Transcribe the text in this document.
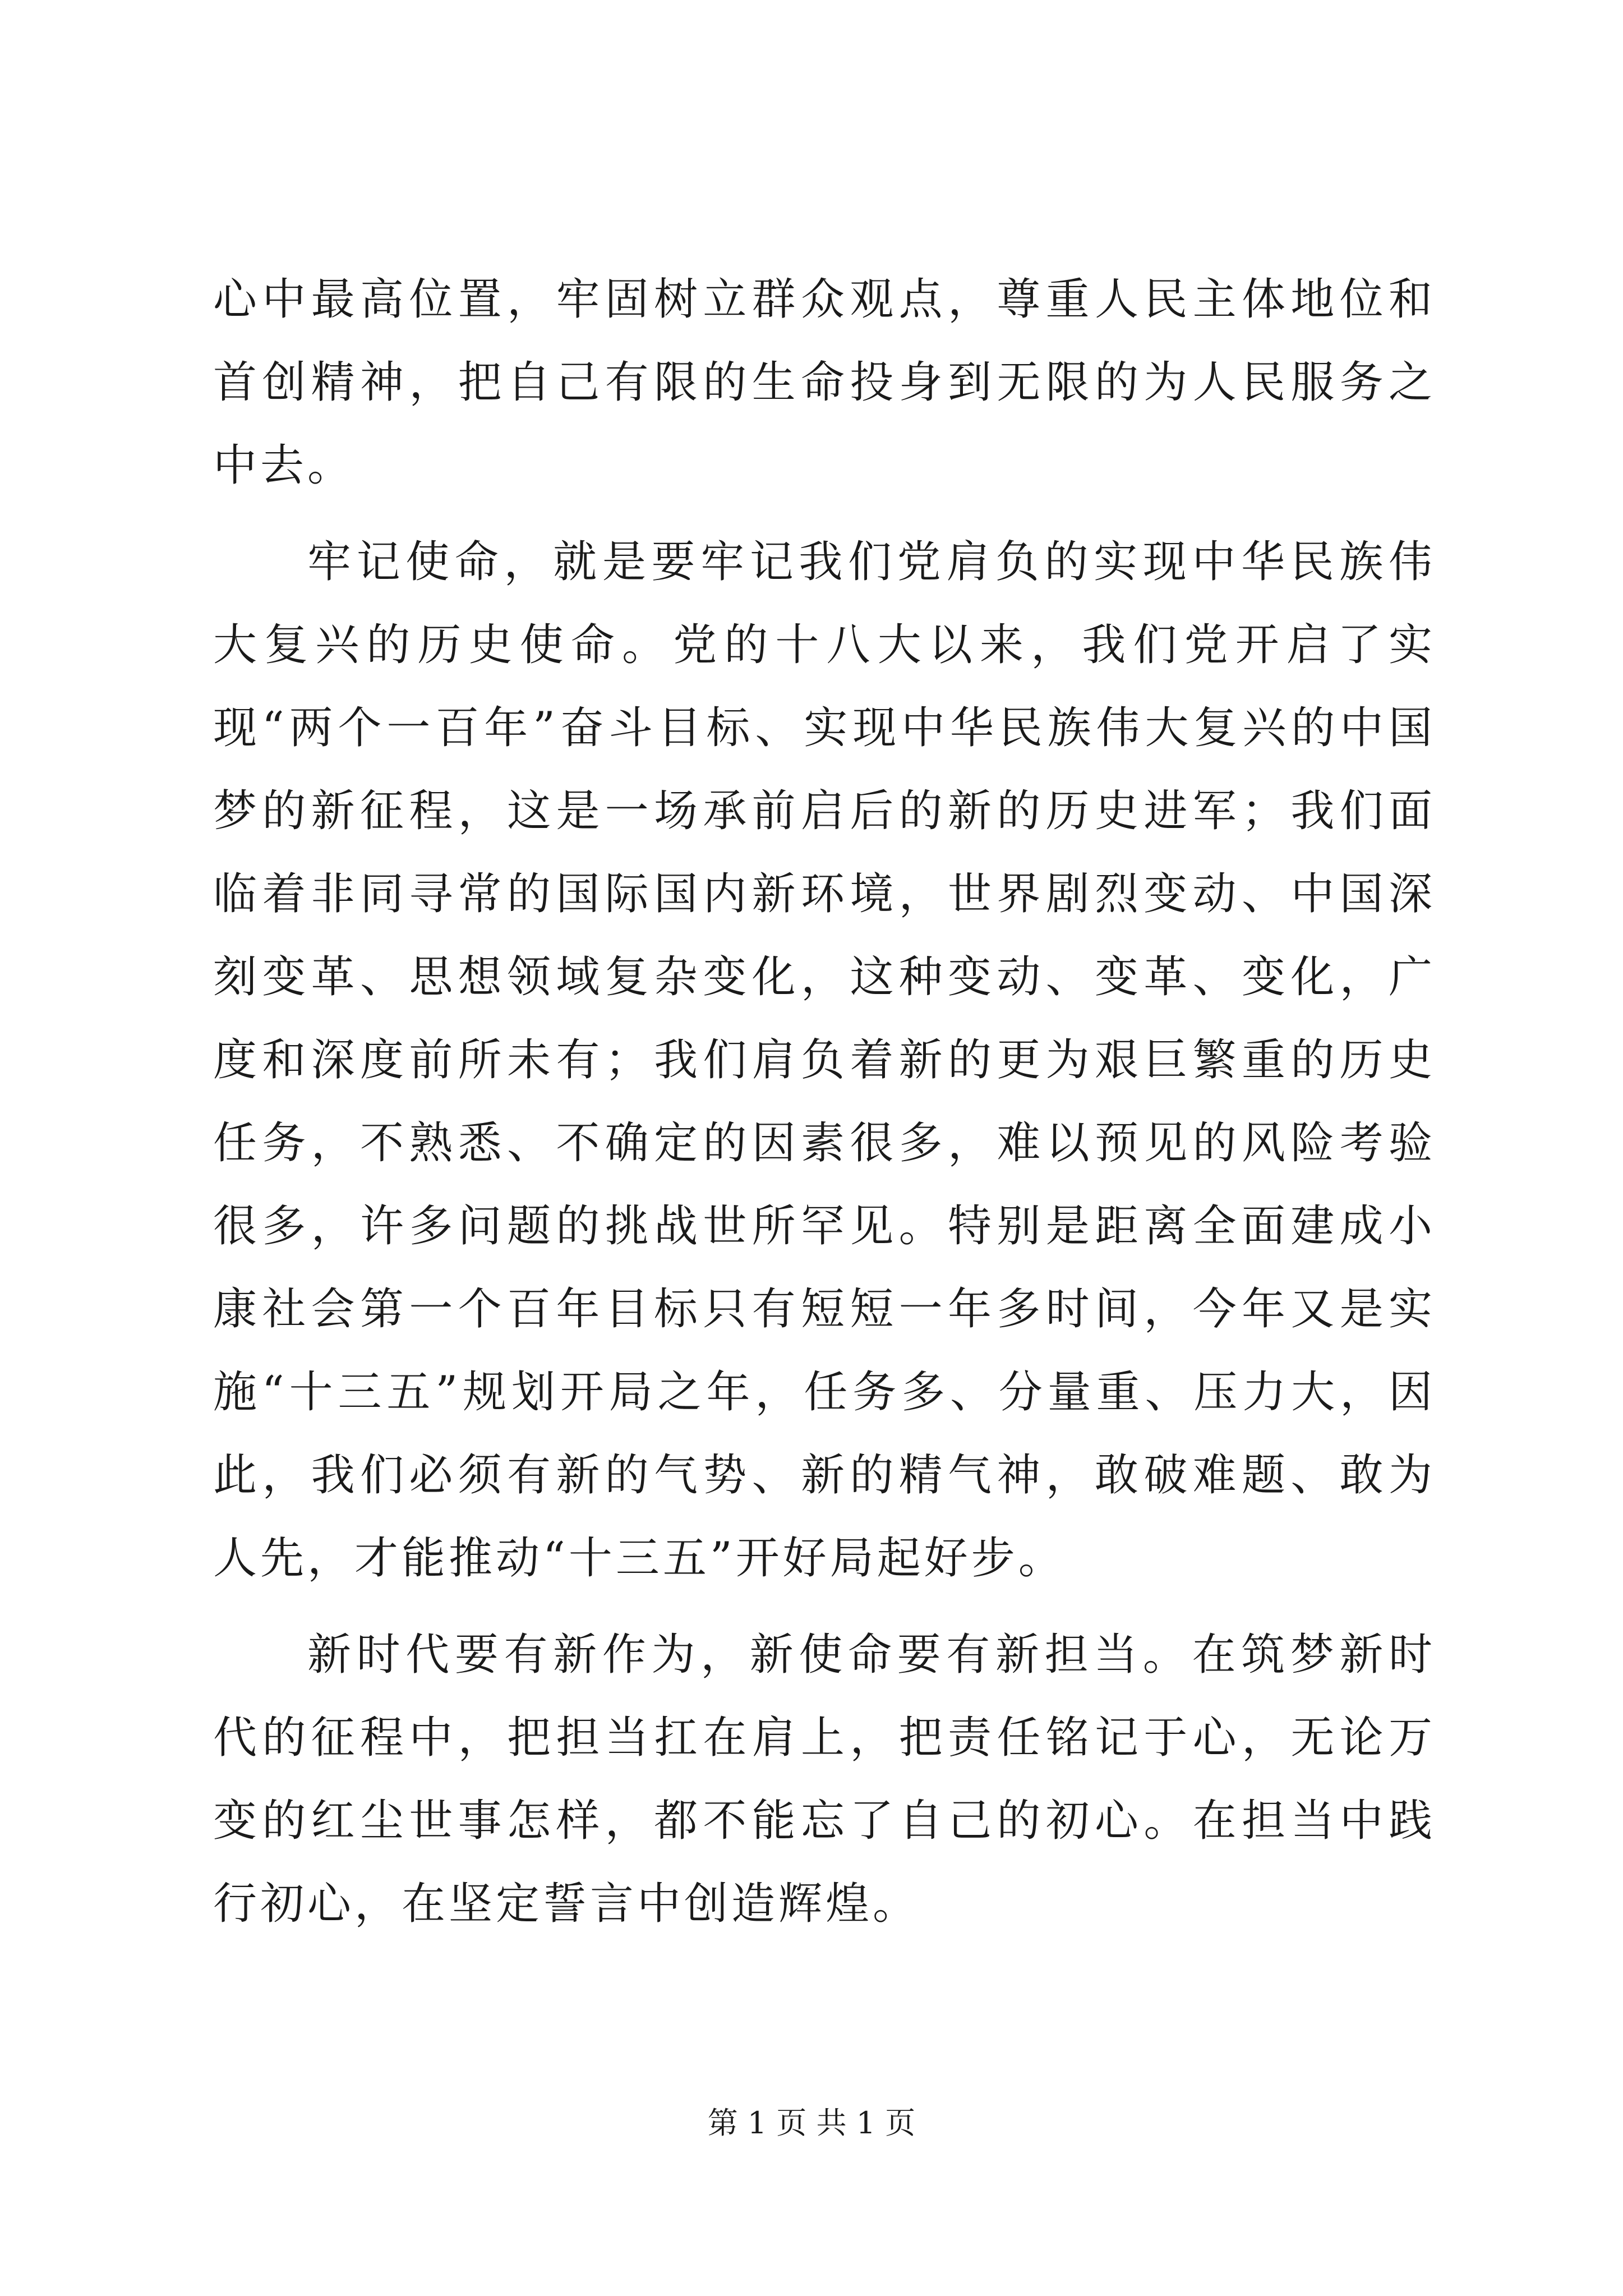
心中最高位置，牢固树立群众观点，尊重人民主体地位和首创精神，把自己有限的生命投身到无限的为人民服务之中去。

牢记使命，就是要牢记我们党肩负的实现中华民族伟大复兴的历史使命。党的十八大以来，我们党开启了实现“两个一百年”奋斗目标、实现中华民族伟大复兴的中国梦的新征程，这是一场承前启后的新的历史进军；我们面临着非同寻常的国际国内新环境，世界剧烈变动、中国深刻变革、思想领域复杂变化，这种变动、变革、变化，广度和深度前所未有；我们肩负着新的更为艰巨繁重的历史任务，不熟悉、不确定的因素很多，难以预见的风险考验很多，许多问题的挑战世所罕见。特别是距离全面建成小康社会第一个百年目标只有短短一年多时间，今年又是实施“十三五”规划开局之年，任务多、分量重、压力大，因此，我们必须有新的气势、新的精气神，敢破难题、敢为人先，才能推动“十三五”开好局起好步。

新时代要有新作为，新使命要有新担当。在筑梦新时代的征程中，把担当扛在肩上，把责任铭记于心，无论万变的红尘世事怎样，都不能忘了自己的初心。在担当中践行初心，在坚定誓言中创造辉煌。

第 1 页 共 1 页
